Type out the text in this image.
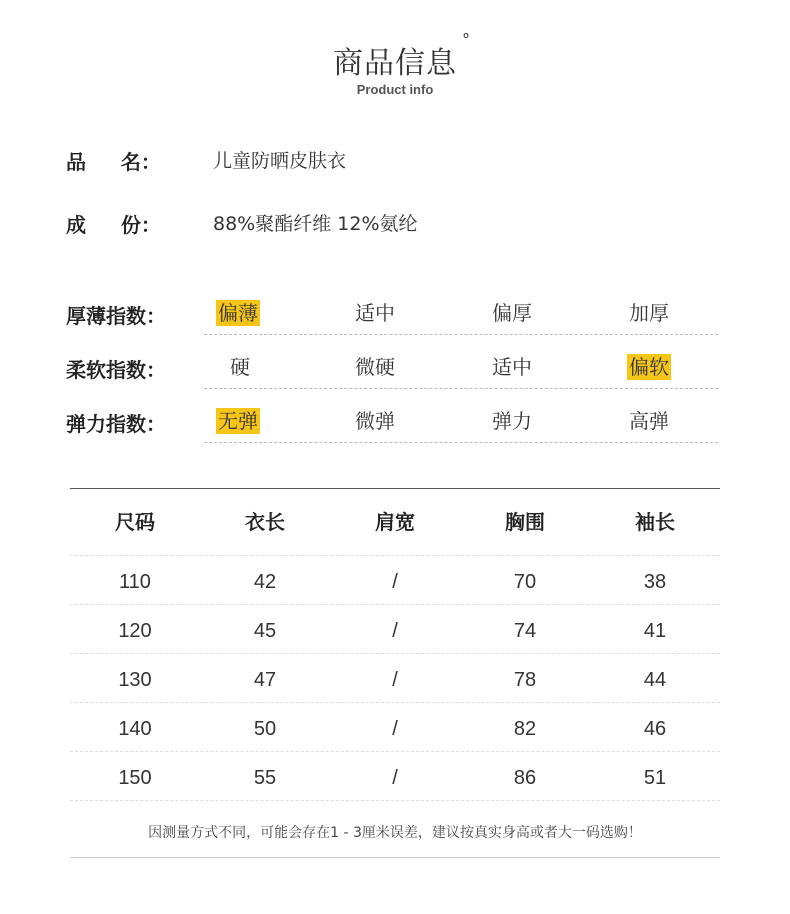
商品信息
°
Product info
品     名：	儿童防晒皮肤衣
成     份：	88%聚酯纤维 12%氨纶
厚薄指数：	偏薄	适中	偏厚	加厚
柔软指数：	硬	微硬	适中	偏软
弹力指数：	无弹	微弹	弹力	高弹
尺码	衣长	肩宽	胸围	袖长
110	42	/	70	38
120	45	/	74	41
130	47	/	78	44
140	50	/	82	46
150	55	/	86	51
因测量方式不同，可能会存在1 - 3厘米误差，建议按真实身高或者大一码选购！
